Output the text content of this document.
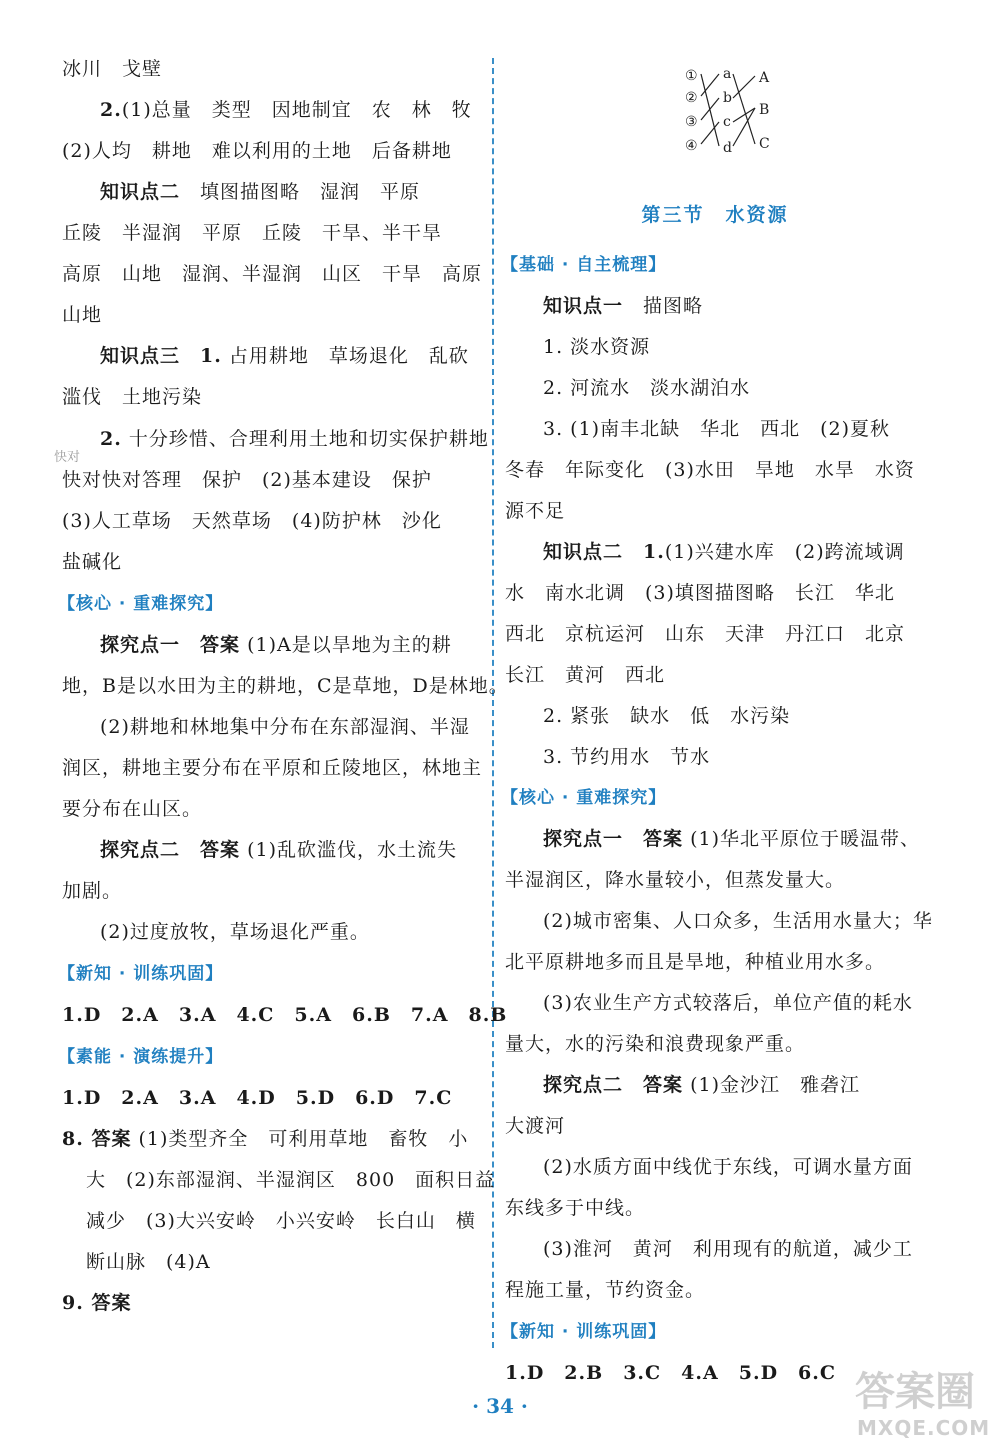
冰川　戈壁
2.(1)总量　类型　因地制宜　农　林　牧
(2)人均　耕地　难以利用的土地　后备耕地
知识点二　填图描图略　湿润　平原
丘陵　半湿润　平原　丘陵　干旱、半干旱
高原　山地　湿润、半湿润　山区　干旱　高原
山地
知识点三　1. 占用耕地　草场退化　乱砍
滥伐　土地污染
2. 十分珍惜、合理利用土地和切实保护耕地
快对
快对快对答理　保护　(2)基本建设　保护
(3)人工草场　天然草场　(4)防护林　沙化
盐碱化
【核心 · 重难探究】
探究点一　答案 (1)A是以旱地为主的耕
地，B是以水田为主的耕地，C是草地，D是林地。
(2)耕地和林地集中分布在东部湿润、半湿
润区，耕地主要分布在平原和丘陵地区，林地主
要分布在山区。
探究点二　答案 (1)乱砍滥伐，水土流失
加剧。
(2)过度放牧，草场退化严重。
【新知 · 训练巩固】
1.D　2.A　3.A　4.C　5.A　6.B　7.A　8.B
【素能 · 演练提升】
1.D　2.A　3.A　4.D　5.D　6.D　7.C
8. 答案 (1)类型齐全　可利用草地　畜牧　小
大　(2)东部湿润、半湿润区　800　面积日益
减少　(3)大兴安岭　小兴安岭　长白山　横
断山脉　(4)A
9. 答案
①
②
③
④
a
b
c
d
A
B
C
第三节　水资源
【基础 · 自主梳理】
知识点一　描图略
1. 淡水资源
2. 河流水　淡水湖泊水
3. (1)南丰北缺　华北　西北　(2)夏秋
冬春　年际变化　(3)水田　旱地　水旱　水资
源不足
知识点二　1.(1)兴建水库　(2)跨流域调
水　南水北调　(3)填图描图略　长江　华北
西北　京杭运河　山东　天津　丹江口　北京
长江　黄河　西北
2. 紧张　缺水　低　水污染
3. 节约用水　节水
【核心 · 重难探究】
探究点一　答案 (1)华北平原位于暖温带、
半湿润区，降水量较小，但蒸发量大。
(2)城市密集、人口众多，生活用水量大；华
北平原耕地多而且是旱地，种植业用水多。
(3)农业生产方式较落后，单位产值的耗水
量大，水的污染和浪费现象严重。
探究点二　答案 (1)金沙江　雅砻江
大渡河
(2)水质方面中线优于东线，可调水量方面
东线多于中线。
(3)淮河　黄河　利用现有的航道，减少工
程施工量，节约资金。
【新知 · 训练巩固】
1.D　2.B　3.C　4.A　5.D　6.C
· 34 ·	答案圈
MXQE.COM
